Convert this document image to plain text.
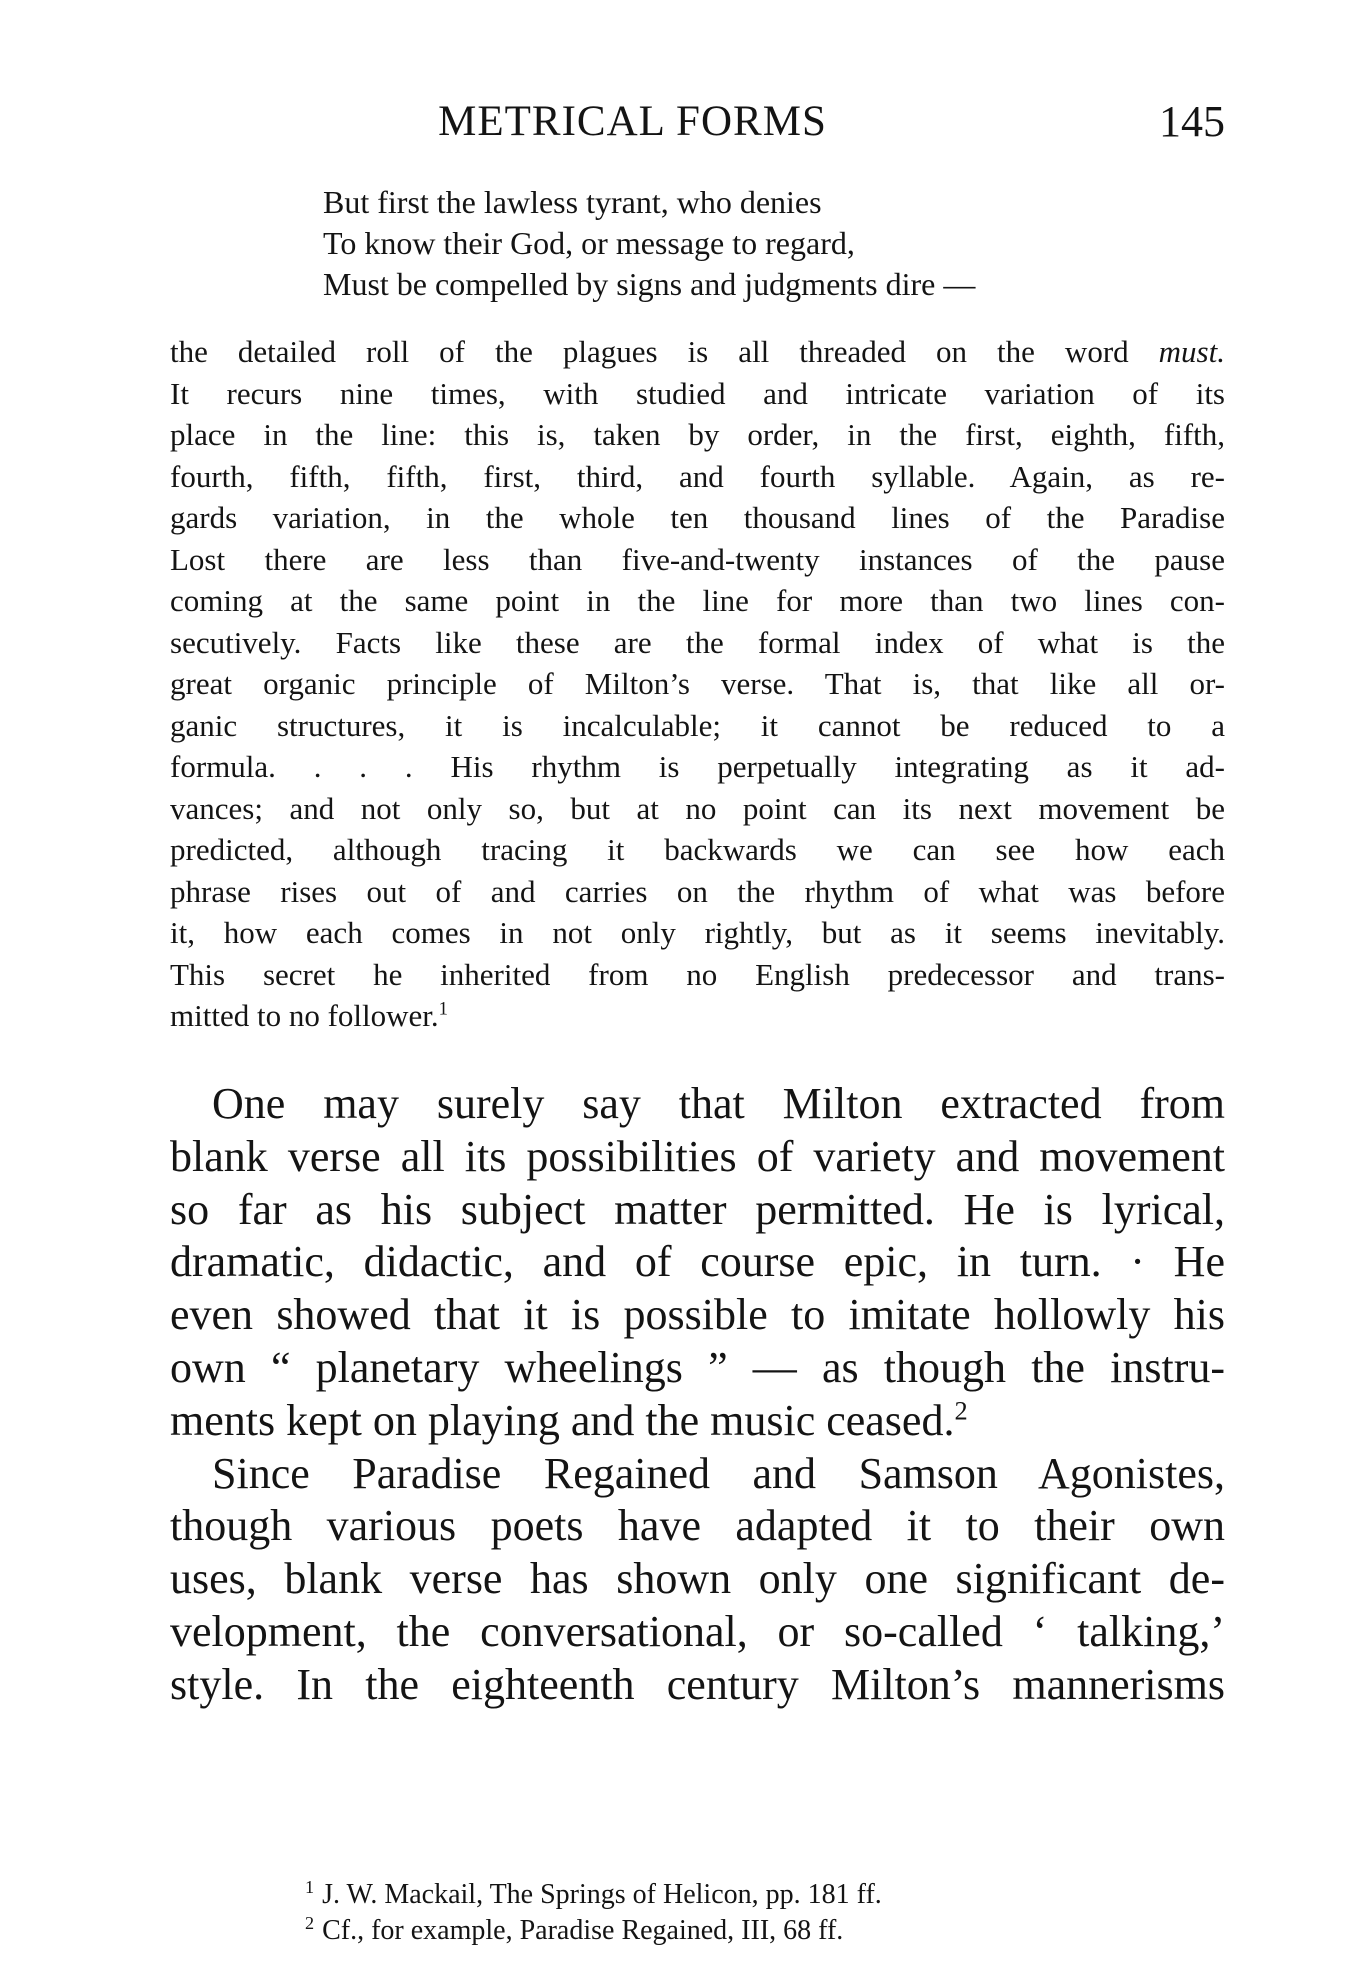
METRICAL FORMS	145
But first the lawless tyrant, who denies
To know their God, or message to regard,
Must be compelled by signs and judgments dire —
the detailed roll of the plagues is all threaded on the word must.
It recurs nine times, with studied and intricate variation of its
place in the line: this is, taken by order, in the first, eighth, fifth,
fourth, fifth, fifth, first, third, and fourth syllable. Again, as re-
gards variation, in the whole ten thousand lines of the Paradise
Lost there are less than five-and-twenty instances of the pause
coming at the same point in the line for more than two lines con-
secutively. Facts like these are the formal index of what is the
great organic principle of Milton’s verse. That is, that like all or-
ganic structures, it is incalculable; it cannot be reduced to a
formula. . . . His rhythm is perpetually integrating as it ad-
vances; and not only so, but at no point can its next movement be
predicted, although tracing it backwards we can see how each
phrase rises out of and carries on the rhythm of what was before
it, how each comes in not only rightly, but as it seems inevitably.
This secret he inherited from no English predecessor and trans-
mitted to no follower.$^1$
One may surely say that Milton extracted from
blank verse all its possibilities of variety and movement
so far as his subject matter permitted. He is lyrical,
dramatic, didactic, and of course epic, in turn. · He
even showed that it is possible to imitate hollowly his
own “ planetary wheelings ” — as though the instru-
ments kept on playing and the music ceased.$^2$
Since Paradise Regained and Samson Agonistes,
though various poets have adapted it to their own
uses, blank verse has shown only one significant de-
velopment, the conversational, or so-called ‘ talking,’
style. In the eighteenth century Milton’s mannerisms
$^1$ J. W. Mackail, The Springs of Helicon, pp. 181 ff.
$^2$ Cf., for example, Paradise Regained, III, 68 ff.
